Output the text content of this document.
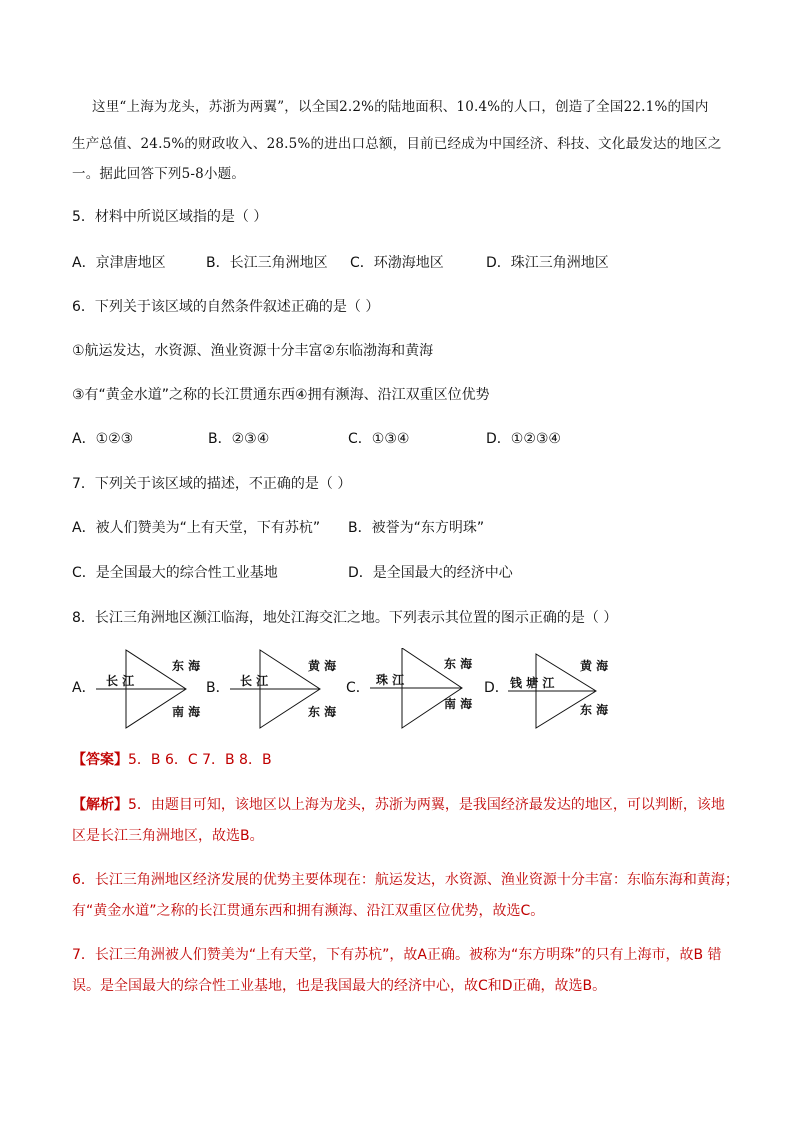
这里“上海为龙头，苏浙为两翼”，以全国2.2%的陆地面积、10.4%的人口，创造了全国22.1%的国内
生产总值、24.5%的财政收入、28.5%的进出口总额，目前已经成为中国经济、科技、文化最发达的地区之
一。据此回答下列5-8小题。
5．材料中所说区域指的是（ ）
A．京津唐地区	B．长江三角洲地区 C．环渤海地区	D．珠江三角洲地区
6．下列关于该区域的自然条件叙述正确的是（ ）
①航运发达，水资源、渔业资源十分丰富②东临渤海和黄海
③有“黄金水道”之称的长江贯通东西④拥有濒海、沿江双重区位优势
A．①②③	B．②③④	C．①③④	D．①②③④
7．下列关于该区域的描述，不正确的是（ ）
A．被人们赞美为“上有天堂，下有苏杭” B．被誉为“东方明珠”
C．是全国最大的综合性工业基地	D．是全国最大的经济中心
8．长江三角洲地区濒江临海，地处江海交汇之地。下列表示其位置的图示正确的是（ ）
A． 长 江
东 海
南 海
B． 长 江
黄 海
东 海
C． 珠 江
东 海
南 海
D． 钱 塘 江
黄 海
东 海
【答案】5．B 6．C 7．B 8．B
【解析】5．由题目可知，该地区以上海为龙头，苏浙为两翼，是我国经济最发达的地区，可以判断，该地
区是长江三角洲地区，故选B。
6．长江三角洲地区经济发展的优势主要体现在：航运发达，水资源、渔业资源十分丰富：东临东海和黄海；
有“黄金水道”之称的长江贯通东西和拥有濒海、沿江双重区位优势，故选C。
7．长江三角洲被人们赞美为“上有天堂，下有苏杭”，故A正确。被称为“东方明珠”的只有上海市，故B 错
误。是全国最大的综合性工业基地，也是我国最大的经济中心，故C和D正确，故选B。
